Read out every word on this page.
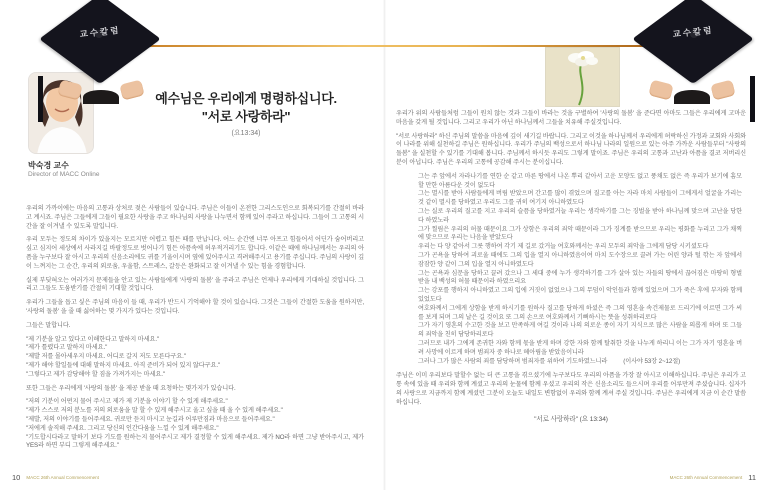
교수칼럼	교수칼럼
박숙경 교수
Director of MACC Online
예수님은 우리에게 명령하십니다.
"서로 사랑하라"
(요13:34)
우리의 가까이에는 마음의 고통과 상처로 젖은 사람들이 있습니다. 주님은 이들이 온전한 그리스도인으로 회복되기를 간절히 바라고 계시죠. 주님은 그들에게 그들이 필요한 사랑을 주고 하나님의 사랑을 나누면서 함께 있어 주라고 하십니다. 그들이 그 고통의 시간을 잘 이겨낼 수 있도록 말입니다.
우리 모두는 정도의 차이가 있을지는 모르지만 어렵고 힘든 때를 만납니다. 어느 순간엔 너무 아프고 힘들어서 어딘가 숨어버리고 싶고 심지어 세상에서 사라지길 바랄정도로 벗어나기 힘든 아픔속에 허우적거리기도 합니다. 이같은 때에 하나님께서는 우리의 아픔을 누구보다 잘 아시고 우리의 신음소리에도 귀를 기울이시며 옆에 있어주시고 격려해주시고 용기를 주십니다. 주님의 사랑이 깊이 느껴지는 그 순간, 우리의 외로움, 우울함, 스트레스, 갈등은 완화되고 잘 이겨낼 수 있는 힘을 경험합니다.
실제 부딪혀오는 여러가지 문제들을 안고 있는 사람들에게 '사랑의 돌봄' 을 주라고 주님은 언제나 우리에게 기대하실 것입니다. 그리고 그들도 도움받기를 간절히 기대할 것입니다.
우리가 그들을 돕고 싶은 주님의 마음이 들 때, 우리가 반드시 기억해야 할 것이 있습니다. 그것은 그들이 간절한 도움을 원하지만, '사랑의 돌봄' 을 줄 때 싫어하는 몇 가지가 있다는 것입니다.
그들은 말합니다.
"제 기분을 알고 있다고 이해한다고 말하지 마세요."
"제가 틀렸다고 말하지 마세요."
"제발 저를 몰아세우지 마세요. 어디로 갈지 저도 모른다구요."
"제가 해야 할일들에 대해 말하지 마세요. 아직 준비가 되어 있지 않다구요."
"그렇다고 제가 감당해야 할 짐을 가져가지는 마세요."
또한 그들은 우리에게 '사랑의 돌봄' 을 제공 받을 때 요청하는 몇가지가 있습니다.
"저의 기분이 어떤지 물어 주시고 제가 제 기분을 이야기 할 수 있게 해주세요."
"제가 스스로 저의 분노를 저의 외로움을 말 할 수 있게 해주시고 울고 싶을 때 울 수 있게 해주세요."
"제발, 저의 이야기를 들어주세요. 귀로만 듣지 마시고 눈길과 어루만짐과 마음으로 들어주세요."
"저에게 솔직해 주세요. 그리고 당신의 인간다움을 느낄 수 있게 해주세요."
"기도합시다라고 말하기 보다 기도를 원하는지 물어주시고 제가 결정할 수 있게 해주세요. 제가 NO라 하면 그냥 받아주시고, 제가 YES라 하면 부디 그렇게 해주세요."
10 MACC 26th Annual Commencement
우리가 위의 사람들처럼 그들이 원치 않는 것과 그들이 바라는 것을 구별하여 '사랑의 돌봄' 을 준다면 아마도 그들은 우리에게 고마운 마음을 갖게 될 것입니다. 그리고 우리가 아닌 하나님께서 그들을 치유해 주실것입니다.
"서로 사랑하라" 하신 주님의 말씀을 마음에 깊이 새기길 바랍니다. 그리고 이것을 하나님께서 우리에게 허락하신 가정과 교회와 사회와 이 나라를 위해 실천하길 주님은 원하십니다. 우리가 주님의 백성으로서 하나님 나라의 일원으로 있는 아주 가까운 사람들부터 "사랑의 돌봄" 을 실천할 수 있기를 기대해 봅니다. 주님께서 하시듯 우리도 그렇게 말이죠. 주님은 우리의 고통과 고난과 아픔을 결코 저버리신 분이 아닙니다. 주님은 우리의 고통에 공감해 주시는 분이십니다.
그는 주 앞에서 자라나기를 연한 순 같고 마른 땅에서 나온 뿌리 같아서 고운 모양도 없고 풍채도 없은 즉 우리가 보기에 흠모할 만한 아름다운 것이 없도다
그는 멸시를 받아 사람들에게 버림 받았으며 간고를 많이 겪었으며 질고를 아는 자라 마치 사람들이 그에게서 얼굴을 가리는 것 같이 멸시를 당하였고 우리도 그를 귀히 여기지 아니하였도다
그는 실로 우리의 질고를 지고 우리의 슬픔을 당하였거늘 우리는 생각하기를 그는 징벌을 받아 하나님께 맞으며 고난을 당한다 하였노라
그가 찔림은 우리의 허물 때문이요 그가 상함은 우리의 죄악 때문이라 그가 징계를 받으므로 우리는 평화를 누리고 그가 채찍에 맞으므로 우리는 나음을 받았도다
우리는 다 양 같아서 그릇 행하여 각기 제 길로 갔거늘 여호와께서는 우리 모두의 죄악을 그에게 담당 시키셨도다
그가 곤욕을 당하여 괴로울 때에도 그의 입을 열지 아니하였음이여 마치 도수장으로 끌려 가는 어린 양과 털 깎는 자 앞에서 잠잠한 양 같이 그의 입을 열지 아니하였도다
그는 곤욕과 심문을 당하고 끌려 갔으나 그 세대 중에 누가 생각하기를 그가 살아 있는 자들의 땅에서 끊어짐은 마땅히 형벌 받을 내 백성의 허물 때문이라 하였으리요
그는 강포를 행하지 아니하였고 그의 입에 거짓이 없었으나 그의 무덤이 악인들과 함께 있었으며 그가 죽은 후에 부자와 함께 있었도다
여호와께서 그에게 상함을 받게 하시기를 원하사 질고를 당하게 하셨은 즉 그의 영혼을 속건제물로 드리기에 이르면 그가 씨를 보게 되며 그의 날은 길 것이요 또 그의 손으로 여호와께서 기뻐하시는 뜻을 성취하리로다
그가 자기 영혼의 수고한 것을 보고 만족하게 여길 것이라 나의 의로운 종이 자기 지식으로 많은 사람을 의롭게 하며 또 그들의 죄악을 친히 담당하리로다
그러므로 내가 그에게 존귀한 자와 함께 몫을 받게 하며 강한 자와 함께 탈취한 것을 나누게 하리니 이는 그가 자기 영혼을 버려 사망에 이르게 하며 범죄자 중 하나로 헤아림을 받았음이니라
그러나 그가 많은 사람의 죄를 담당하며 범죄자를 위하여 기도하였느니라	(이사야 53장 2~12절)
주님은 이미 우리보다 말할수 없는 더 큰 고통을 겪으셨기에 누구보다도 우리의 아픔을 가장 잘 아시고 이해하십니다. 주님은 우리가 고통 속에 있을 때 우리와 함께 계셨고 우리의 눈물에 함께 우셨고 우리의 작은 신음소리도 들으시며 우리를 어루만져 주셨습니다. 십자가의 사랑으로 지금까지 함께 계셨던 그분이 오늘도 내일도 변함없이 우리와 함께 계셔 주실 것입니다. 주님은 우리에게 지금 이 순간 말씀하십니다.
"서로 사랑하라" (요 13:34)
MACC 26th Annual Commencement 11
